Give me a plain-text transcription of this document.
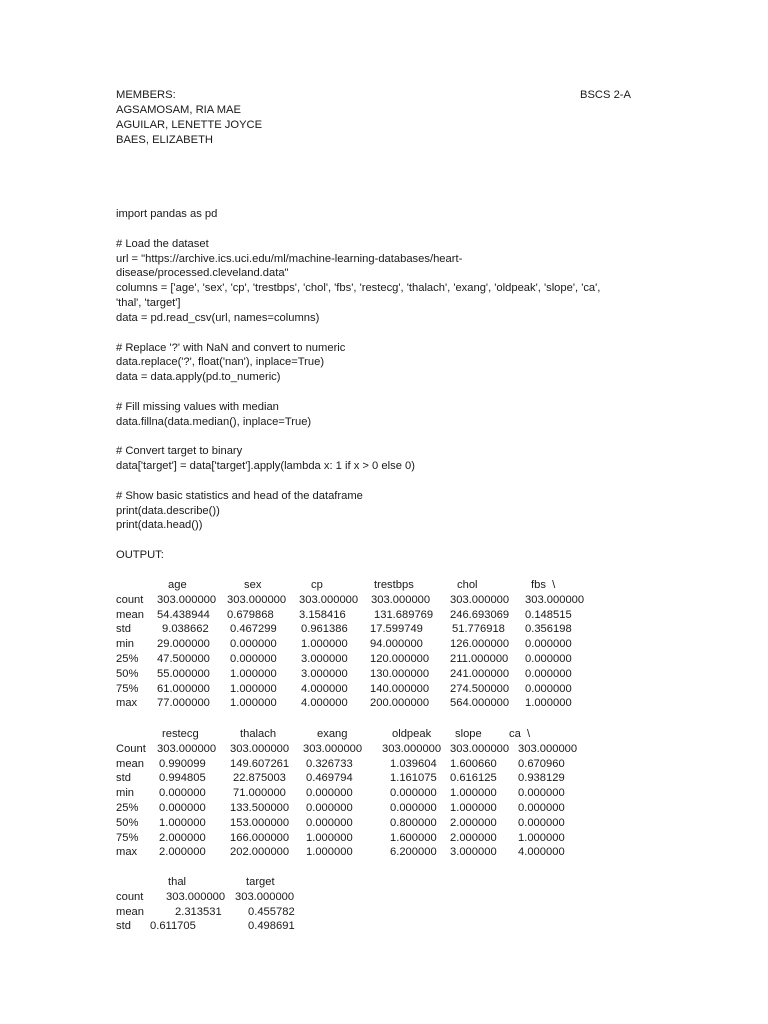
MEMBERS:	BSCS 2-A
AGSAMOSAM, RIA MAE
AGUILAR, LENETTE JOYCE
BAES, ELIZABETH
import pandas as pd
# Load the dataset
url = "https://archive.ics.uci.edu/ml/machine-learning-databases/heart-
disease/processed.cleveland.data"
columns = ['age', 'sex', 'cp', 'trestbps', 'chol', 'fbs', 'restecg', 'thalach', 'exang', 'oldpeak', 'slope', 'ca',
'thal', 'target']
data = pd.read_csv(url, names=columns)
# Replace '?' with NaN and convert to numeric
data.replace('?', float('nan'), inplace=True)
data = data.apply(pd.to_numeric)
# Fill missing values with median
data.fillna(data.median(), inplace=True)
# Convert target to binary
data['target'] = data['target'].apply(lambda x: 1 if x > 0 else 0)
# Show basic statistics and head of the dataframe
print(data.describe())
print(data.head())
OUTPUT:
age	sex	cp	trestbps	chol	fbs  \
count 303.000000 303.000000 303.000000 303.000000 303.000000 303.000000
mean 54.438944 0.679868 3.158416	131.689769 246.693069 0.148515
std	9.038662 0.467299 0.961386 17.599749	51.776918 0.356198
min 29.000000 0.000000 1.000000 94.000000 126.000000 0.000000
25% 47.500000 0.000000 3.000000 120.000000 211.000000 0.000000
50% 55.000000 1.000000 3.000000 130.000000 241.000000 0.000000
75% 61.000000 1.000000 4.000000 140.000000 274.500000 0.000000
max 77.000000 1.000000 4.000000 200.000000 564.000000 1.000000
restecg	thalach	exang	oldpeak slope ca  \
Count 303.000000 303.000000 303.000000 303.000000 303.000000 303.000000
mean 0.990099 149.607261 0.326733	1.039604 1.600660 0.670960
std	0.994805 22.875003 0.469794	1.161075 0.616125 0.938129
min 0.000000 71.000000 0.000000	0.000000 1.000000 0.000000
25% 0.000000 133.500000 0.000000	0.000000 1.000000 0.000000
50% 1.000000 153.000000 0.000000	0.800000 2.000000 0.000000
75% 2.000000 166.000000 1.000000	1.600000 2.000000 1.000000
max 2.000000 202.000000 1.000000	6.200000 3.000000 4.000000
thal	target
count 303.000000 303.000000
mean	2.313531 0.455782
std 0.611705	0.498691
